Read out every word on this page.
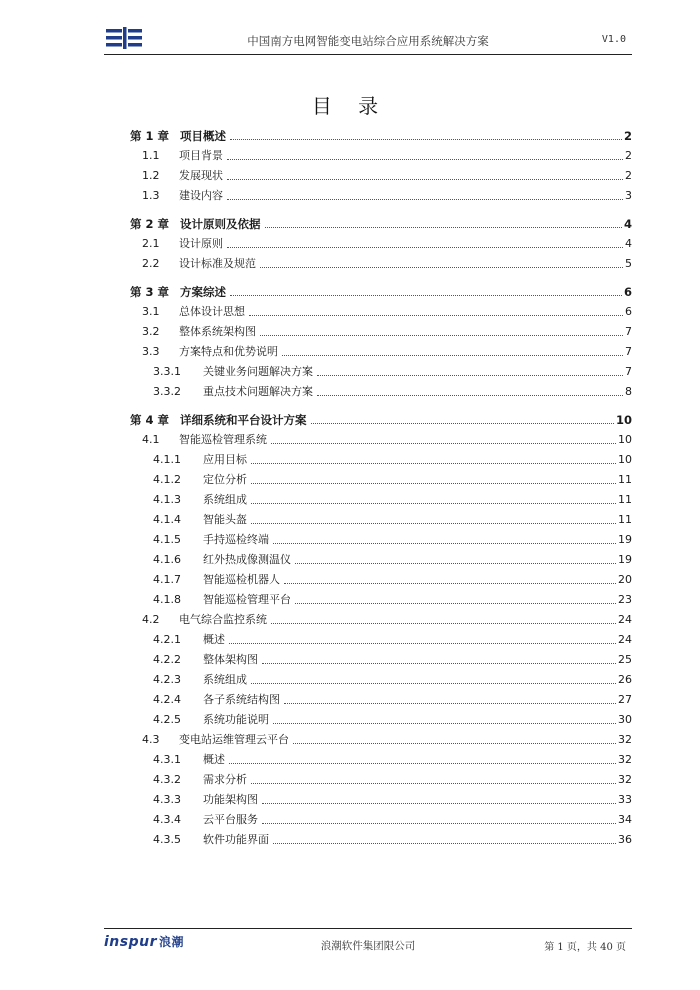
中国南方电网智能变电站综合应用系统解决方案	V1.0
目 录
第 1 章 项目概述	2
1.1	项目背景	2
1.2	发展现状	2
1.3	建设内容	3
第 2 章 设计原则及依据	4
2.1	设计原则	4
2.2	设计标准及规范	5
第 3 章 方案综述	6
3.1	总体设计思想	6
3.2	整体系统架构图	7
3.3	方案特点和优势说明	7
3.3.1	关键业务问题解决方案	7
3.3.2	重点技术问题解决方案	8
第 4 章 详细系统和平台设计方案	10
4.1	智能巡检管理系统	10
4.1.1	应用目标	10
4.1.2	定位分析	11
4.1.3	系统组成	11
4.1.4	智能头盔	11
4.1.5	手持巡检终端	19
4.1.6	红外热成像测温仪	19
4.1.7	智能巡检机器人	20
4.1.8	智能巡检管理平台	23
4.2	电气综合监控系统	24
4.2.1	概述	24
4.2.2	整体架构图	25
4.2.3	系统组成	26
4.2.4	各子系统结构图	27
4.2.5	系统功能说明	30
4.3	变电站运维管理云平台	32
4.3.1	概述	32
4.3.2	需求分析	32
4.3.3	功能架构图	33
4.3.4	云平台服务	34
4.3.5	软件功能界面	36
inspur 浪潮	浪潮软件集团限公司	第 1 页，共 40 页
